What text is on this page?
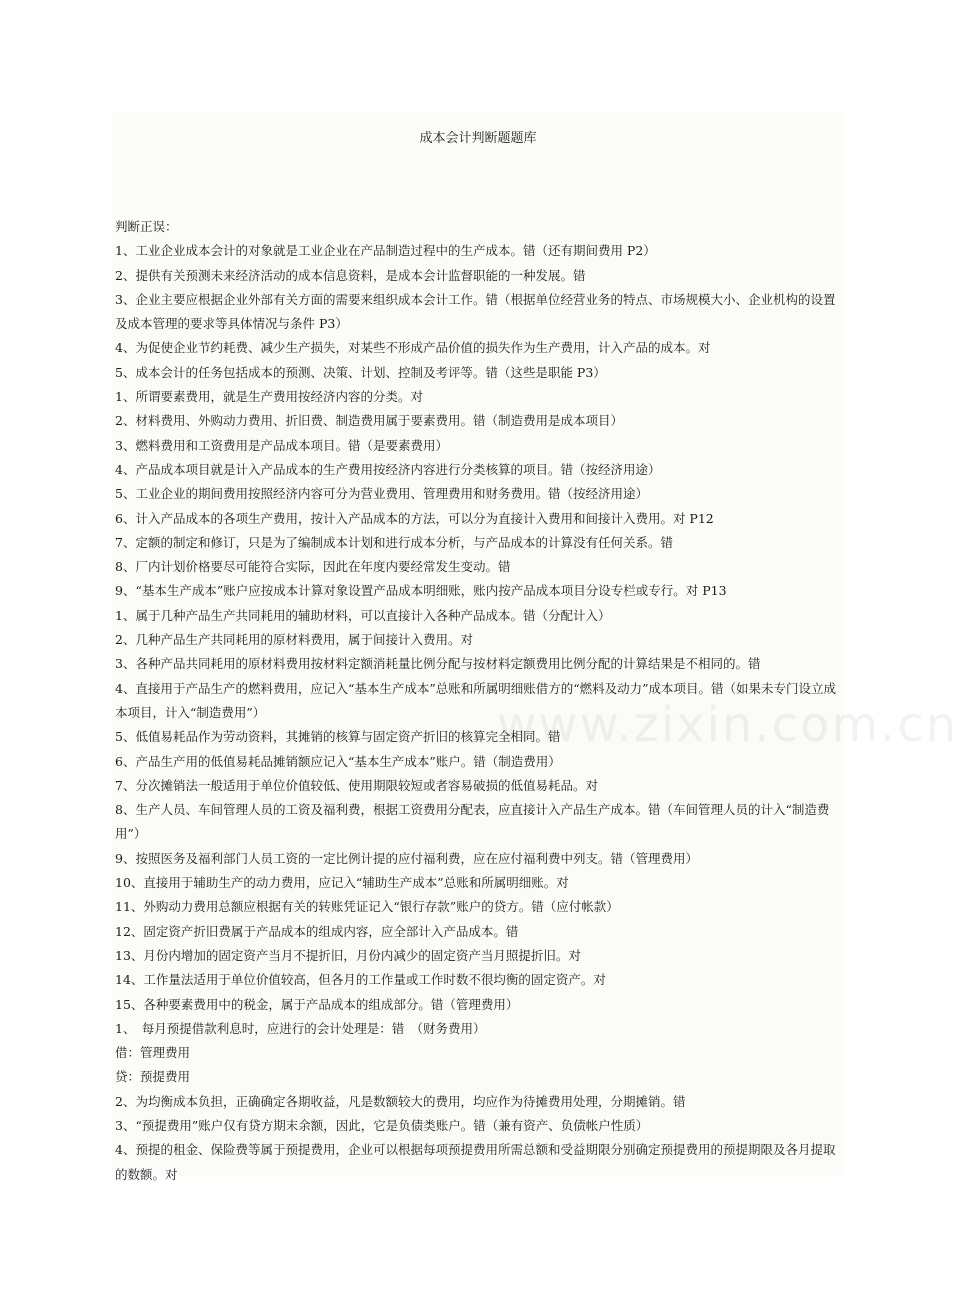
成本会计判断题题库
www.zixin.com.cn

判断正误：

1、工业企业成本会计的对象就是工业企业在产品制造过程中的生产成本。错（还有期间费用 P2）

2、提供有关预测未来经济活动的成本信息资料，是成本会计监督职能的一种发展。错

3、企业主要应根据企业外部有关方面的需要来组织成本会计工作。错（根据单位经营业务的特点、市场规模大小、企业机构的设置及成本管理的要求等具体情况与条件 P3）

4、为促使企业节约耗费、减少生产损失，对某些不形成产品价值的损失作为生产费用，计入产品的成本。对

5、成本会计的任务包括成本的预测、决策、计划、控制及考评等。错（这些是职能 P3）

1、所谓要素费用，就是生产费用按经济内容的分类。对

2、材料费用、外购动力费用、折旧费、制造费用属于要素费用。错（制造费用是成本项目）

3、燃料费用和工资费用是产品成本项目。错（是要素费用）

4、产品成本项目就是计入产品成本的生产费用按经济内容进行分类核算的项目。错（按经济用途）

5、工业企业的期间费用按照经济内容可分为营业费用、管理费用和财务费用。错（按经济用途）

6、计入产品成本的各项生产费用，按计入产品成本的方法，可以分为直接计入费用和间接计入费用。对 P12

7、定额的制定和修订，只是为了编制成本计划和进行成本分析，与产品成本的计算没有任何关系。错

8、厂内计划价格要尽可能符合实际，因此在年度内要经常发生变动。错

9、“基本生产成本”账户应按成本计算对象设置产品成本明细账，账内按产品成本项目分设专栏或专行。对 P13

1、属于几种产品生产共同耗用的辅助材料，可以直接计入各种产品成本。错（分配计入）

2、几种产品生产共同耗用的原材料费用，属于间接计入费用。对

3、各种产品共同耗用的原材料费用按材料定额消耗量比例分配与按材料定额费用比例分配的计算结果是不相同的。错

4、直接用于产品生产的燃料费用，应记入“基本生产成本”总账和所属明细账借方的“燃料及动力”成本项目。错（如果未专门设立成本项目，计入“制造费用”）

5、低值易耗品作为劳动资料，其摊销的核算与固定资产折旧的核算完全相同。错

6、产品生产用的低值易耗品摊销额应记入“基本生产成本”账户。错（制造费用）

7、分次摊销法一般适用于单位价值较低、使用期限较短或者容易破损的低值易耗品。对

8、生产人员、车间管理人员的工资及福利费，根据工资费用分配表，应直接计入产品生产成本。错（车间管理人员的计入“制造费用”）

9、按照医务及福利部门人员工资的一定比例计提的应付福利费，应在应付福利费中列支。错（管理费用）

10、直接用于辅助生产的动力费用，应记入“辅助生产成本”总账和所属明细账。对

11、外购动力费用总额应根据有关的转账凭证记入“银行存款”账户的贷方。错（应付帐款）

12、固定资产折旧费属于产品成本的组成内容，应全部计入产品成本。错

13、月份内增加的固定资产当月不提折旧，月份内减少的固定资产当月照提折旧。对

14、工作量法适用于单位价值较高，但各月的工作量或工作时数不很均衡的固定资产。对

15、各种要素费用中的税金，属于产品成本的组成部分。错（管理费用）

1、　每月预提借款利息时，应进行的会计处理是：错　（财务费用）

借：管理费用

贷：预提费用

2、为均衡成本负担，正确确定各期收益，凡是数额较大的费用，均应作为待摊费用处理，分期摊销。错

3、“预提费用”账户仅有贷方期末余额，因此，它是负债类账户。错（兼有资产、负债帐户性质）

4、预提的租金、保险费等属于预提费用，企业可以根据每项预提费用所需总额和受益期限分别确定预提费用的预提期限及各月提取的数额。对
